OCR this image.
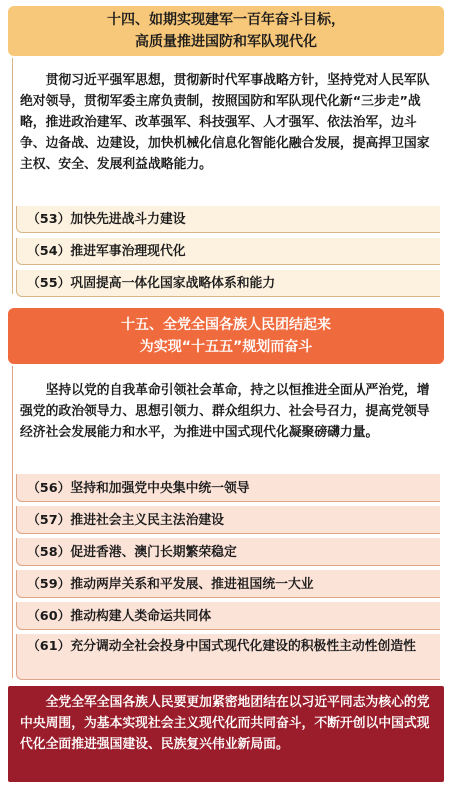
十四、如期实现建军一百年奋斗目标，
高质量推进国防和军队现代化
贯彻习近平强军思想，贯彻新时代军事战略方针，坚持党对人民军队绝对领导，贯彻军委主席负责制，按照国防和军队现代化新“三步走”战略，推进政治建军、改革强军、科技强军、人才强军、依法治军，边斗争、边备战、边建设，加快机械化信息化智能化融合发展，提高捍卫国家主权、安全、发展利益战略能力。
（53）加快先进战斗力建设
（54）推进军事治理现代化
（55）巩固提高一体化国家战略体系和能力
十五、全党全国各族人民团结起来
为实现“十五五”规划而奋斗
坚持以党的自我革命引领社会革命，持之以恒推进全面从严治党，增强党的政治领导力、思想引领力、群众组织力、社会号召力，提高党领导经济社会发展能力和水平，为推进中国式现代化凝聚磅礴力量。
（56）坚持和加强党中央集中统一领导
（57）推进社会主义民主法治建设
（58）促进香港、澳门长期繁荣稳定
（59）推动两岸关系和平发展、推进祖国统一大业
（60）推动构建人类命运共同体
（61）充分调动全社会投身中国式现代化建设的积极性主动性创造性
全党全军全国各族人民要更加紧密地团结在以习近平同志为核心的党中央周围，为基本实现社会主义现代化而共同奋斗，不断开创以中国式现代化全面推进强国建设、民族复兴伟业新局面。
